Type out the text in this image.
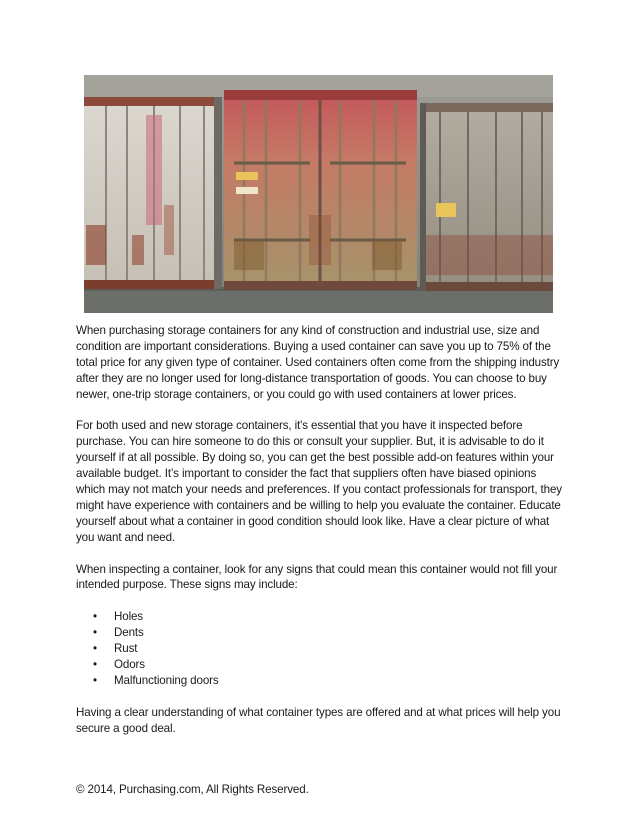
When purchasing storage containers for any kind of construction and industrial use, size and condition are important considerations. Buying a used container can save you up to 75% of the total price for any given type of container. Used containers often come from the shipping industry after they are no longer used for long-distance transportation of goods. You can choose to buy newer, one-trip storage containers, or you could go with used containers at lower prices.

For both used and new storage containers, it's essential that you have it inspected before purchase. You can hire someone to do this or consult your supplier. But, it is advisable to do it yourself if at all possible. By doing so, you can get the best possible add-on features within your available budget. It’s important to consider the fact that suppliers often have biased opinions which may not match your needs and preferences. If you contact professionals for transport, they might have experience with containers and be willing to help you evaluate the container. Educate yourself about what a container in good condition should look like. Have a clear picture of what you want and need.

When inspecting a container, look for any signs that could mean this container would not fill your intended purpose. These signs may include:

• Holes
• Dents
• Rust
• Odors
• Malfunctioning doors

Having a clear understanding of what container types are offered and at what prices will help you secure a good deal.

© 2014, Purchasing.com, All Rights Reserved.
